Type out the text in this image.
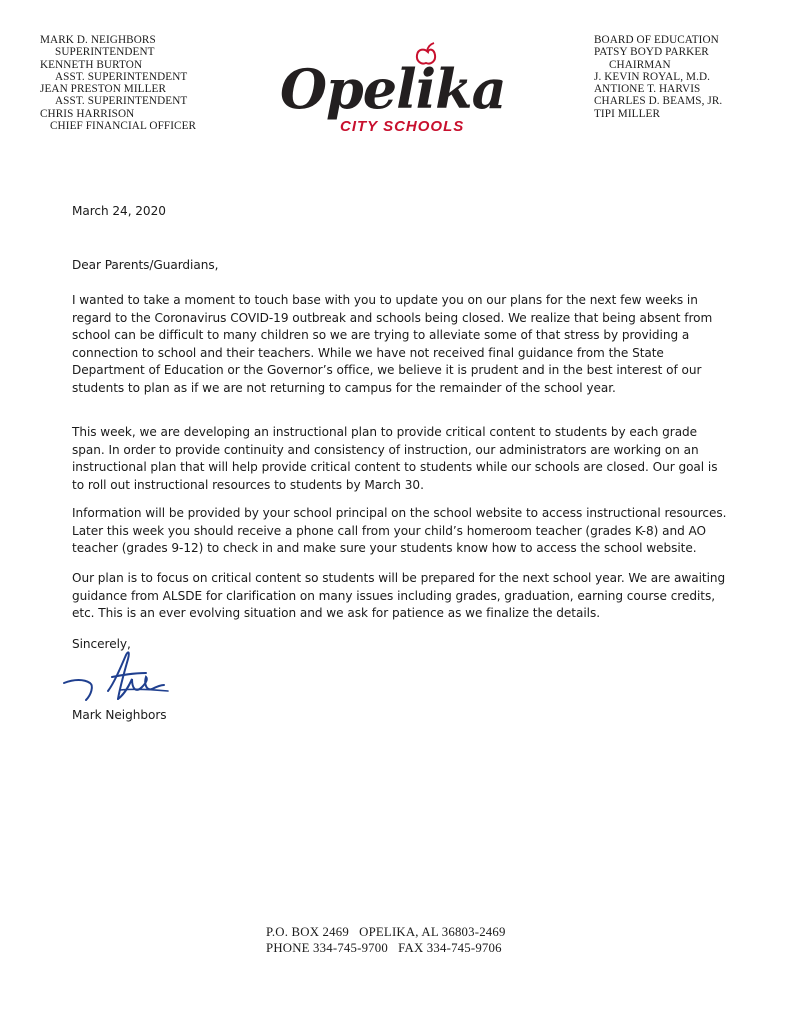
MARK D. NEIGHBORS
SUPERINTENDENT
KENNETH BURTON
ASST. SUPERINTENDENT
JEAN PRESTON MILLER
ASST. SUPERINTENDENT
CHRIS HARRISON
CHIEF FINANCIAL OFFICER
Opelika
CITY SCHOOLS
BOARD OF EDUCATION
PATSY BOYD PARKER
CHAIRMAN
J. KEVIN ROYAL, M.D.
ANTIONE T. HARVIS
CHARLES D. BEAMS, JR.
TIPI MILLER

March 24, 2020

Dear Parents/Guardians,

I wanted to take a moment to touch base with you to update you on our plans for the next few weeks in regard to the Coronavirus COVID-19 outbreak and schools being closed. We realize that being absent from school can be difficult to many children so we are trying to alleviate some of that stress by providing a connection to school and their teachers. While we have not received final guidance from the State Department of Education or the Governor’s office, we believe it is prudent and in the best interest of our students to plan as if we are not returning to campus for the remainder of the school year.

This week, we are developing an instructional plan to provide critical content to students by each grade span. In order to provide continuity and consistency of instruction, our administrators are working on an instructional plan that will help provide critical content to students while our schools are closed. Our goal is to roll out instructional resources to students by March 30.

Information will be provided by your school principal on the school website to access instructional resources. Later this week you should receive a phone call from your child’s homeroom teacher (grades K-8) and AO teacher (grades 9-12) to check in and make sure your students know how to access the school website.

Our plan is to focus on critical content so students will be prepared for the next school year. We are awaiting guidance from ALSDE for clarification on many issues including grades, graduation, earning course credits, etc. This is an ever evolving situation and we ask for patience as we finalize the details.

Sincerely,

Mark Neighbors

P.O. BOX 2469   OPELIKA, AL 36803-2469
PHONE 334-745-9700   FAX 334-745-9706
